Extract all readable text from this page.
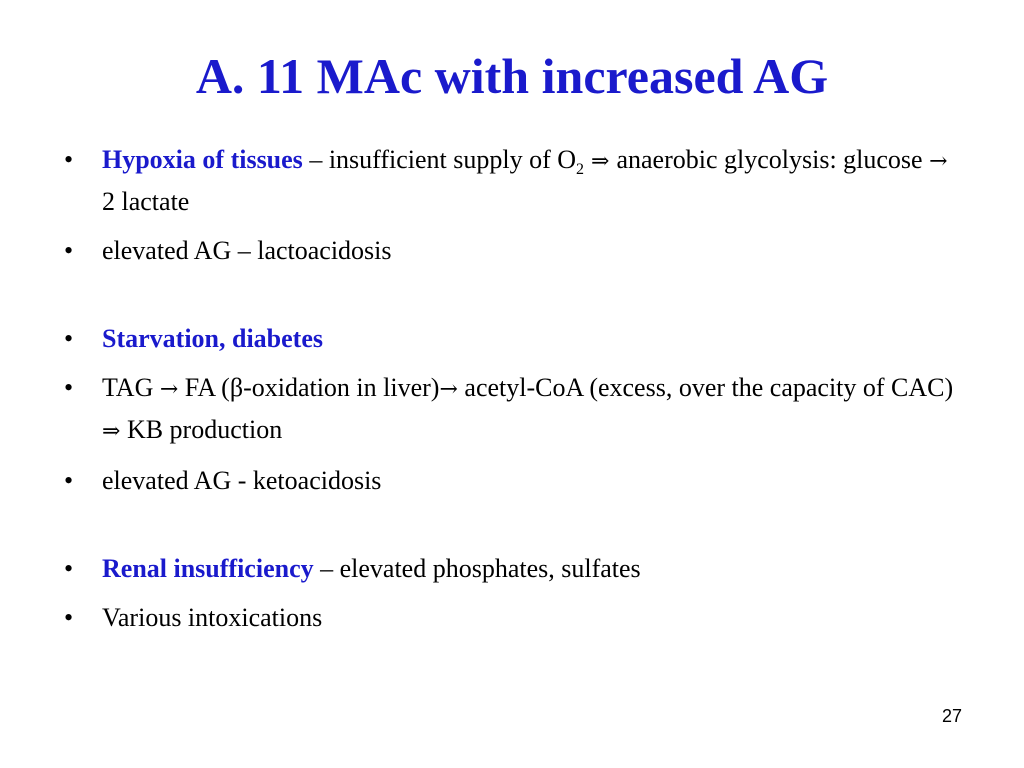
A. 11 MAc with increased AG
• Hypoxia of tissues – insufficient supply of $O_2$ ⇒ anaerobic glycolysis: glucose → 2 lactate
• elevated AG – lactoacidosis
• Starvation, diabetes
• TAG → FA (β-oxidation in liver)→ acetyl-CoA (excess, over the capacity of CAC) ⇒ KB production
• elevated AG - ketoacidosis
• Renal insufficiency – elevated phosphates, sulfates
• Various intoxications
27
